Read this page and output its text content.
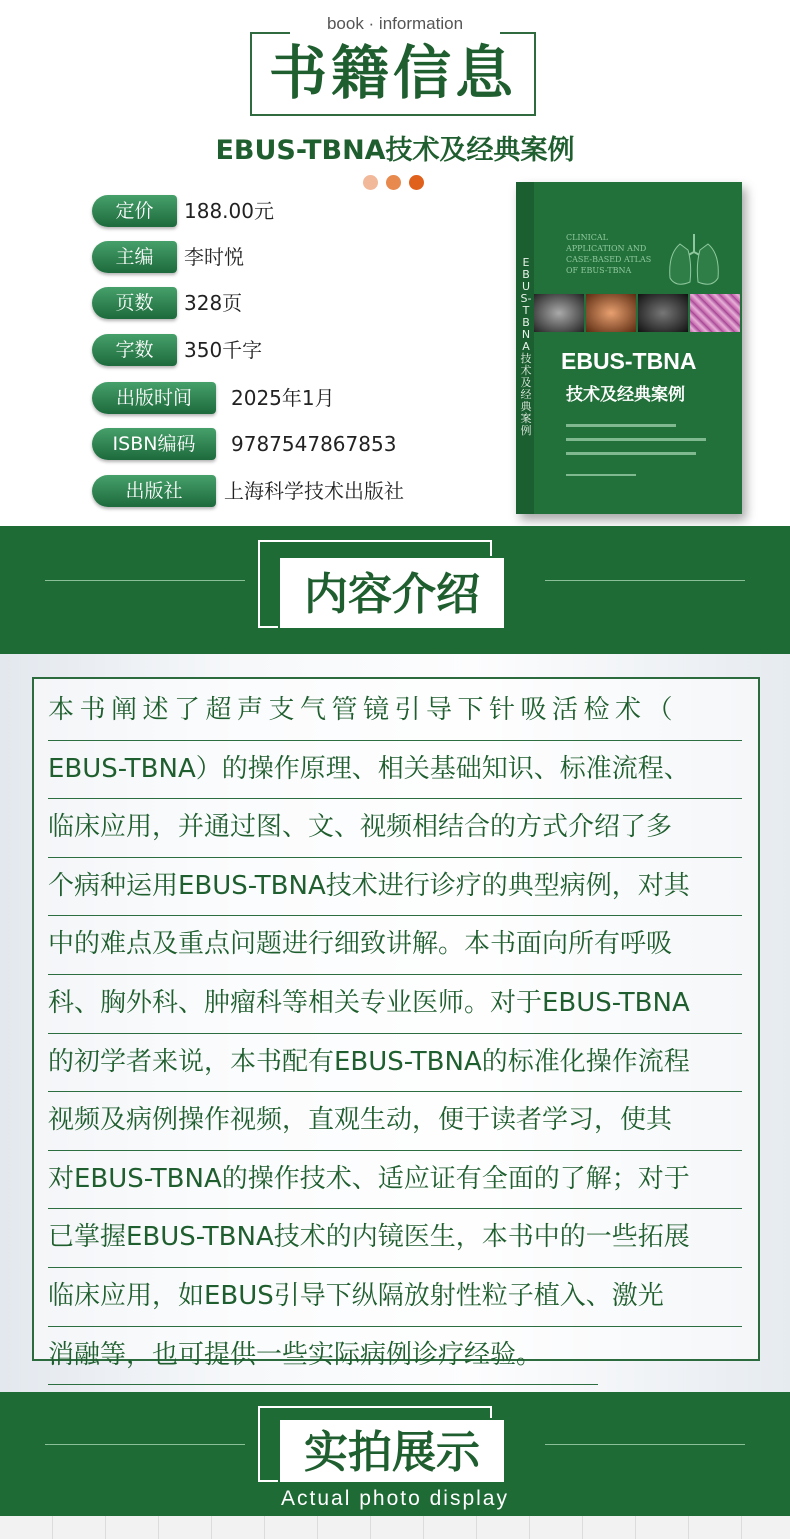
book · information
书籍信息
EBUS-TBNA技术及经典案例
定价	188.00元
主编	李时悦
页数	328页
字数	350千字
出版时间	2025年1月
ISBN编码	9787547867853
出版社	上海科学技术出版社
EBUS-TBNA技术及经典案例
CLINICAL
APPLICATION AND
CASE-BASED ATLAS
OF EBUS-TBNA
EBUS-TBNA
技术及经典案例
内容介绍
本书阐述了超声支气管镜引导下针吸活检术（
EBUS-TBNA）的操作原理、相关基础知识、标准流程、
临床应用，并通过图、文、视频相结合的方式介绍了多
个病种运用EBUS-TBNA技术进行诊疗的典型病例，对其
中的难点及重点问题进行细致讲解。本书面向所有呼吸
科、胸外科、肿瘤科等相关专业医师。对于EBUS-TBNA
的初学者来说，本书配有EBUS-TBNA的标准化操作流程
视频及病例操作视频，直观生动，便于读者学习，使其
对EBUS-TBNA的操作技术、适应证有全面的了解；对于
已掌握EBUS-TBNA技术的内镜医生，本书中的一些拓展
临床应用，如EBUS引导下纵隔放射性粒子植入、激光
消融等，也可提供一些实际病例诊疗经验。
实拍展示
Actual photo display
